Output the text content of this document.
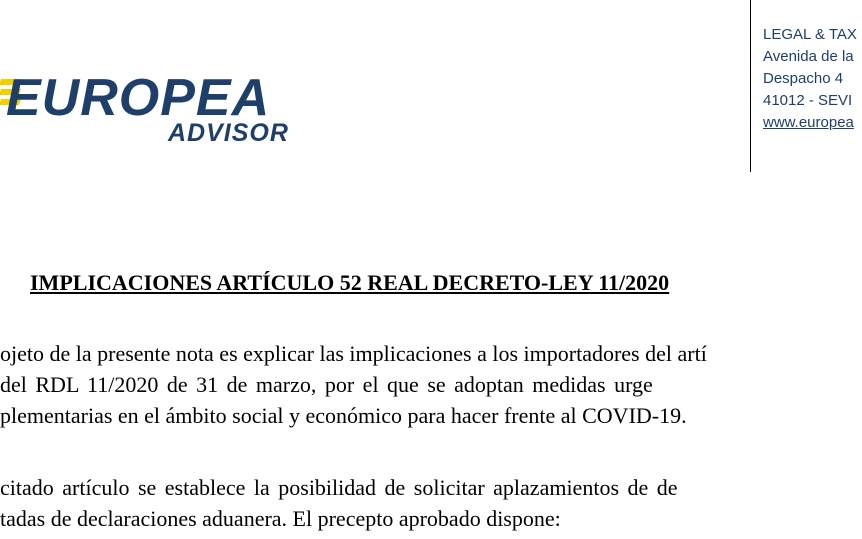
EUROPEA
ADVISOR
LEGAL & TAX
Avenida de la
Despacho 4
41012 - SEVI
www.europea
IMPLICACIONES ARTÍCULO 52 REAL DECRETO-LEY 11/2020
ojeto de la presente nota es explicar las implicaciones a los importadores del artí
del RDL 11/2020 de 31 de marzo, por el que se adoptan medidas urge
plementarias en el ámbito social y económico para hacer frente al COVID-19.
citado artículo se establece la posibilidad de solicitar aplazamientos de de
tadas de declaraciones aduanera. El precepto aprobado dispone:
